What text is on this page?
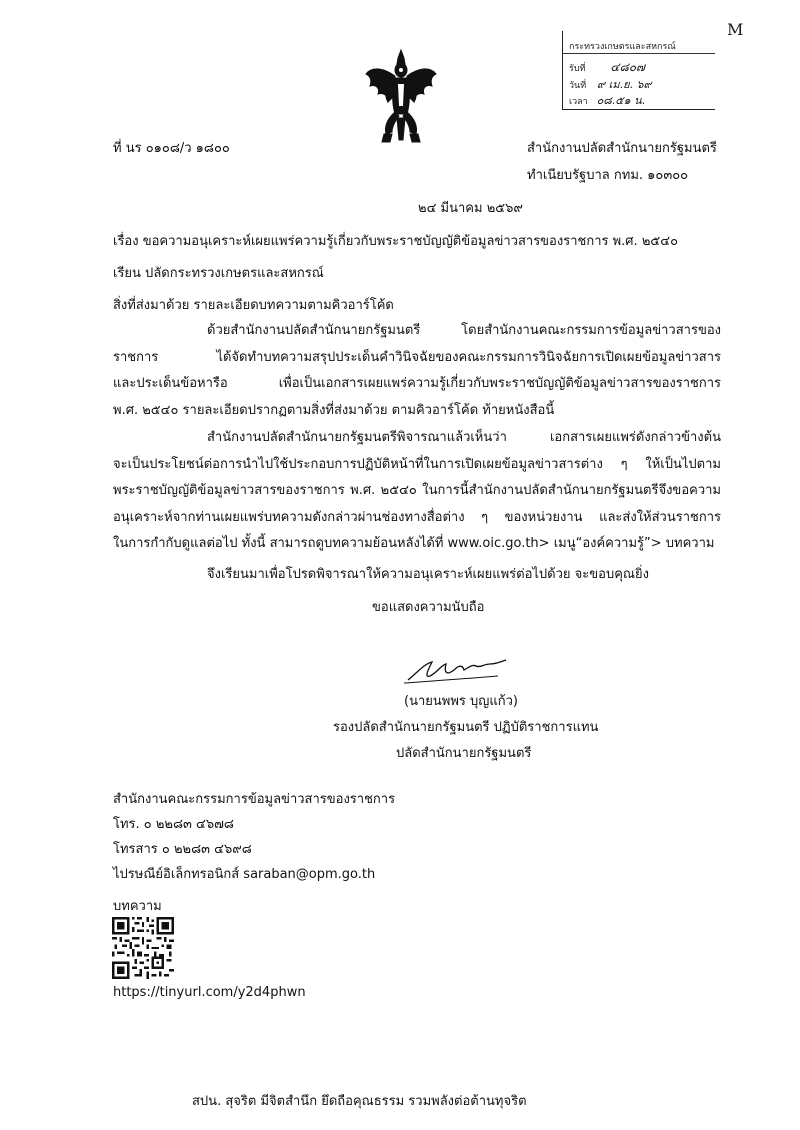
M
กระทรวงเกษตรและสหกรณ์
รับที่ ๔๘๐๗
วันที่ ๙ เม.ย. ๖๙
เวลา ๐๘.๕๑ น.
ที่ นร ๐๑๐๘/ว ๑๘๐๐	สำนักงานปลัดสำนักนายกรัฐมนตรี
ทำเนียบรัฐบาล กทม. ๑๐๓๐๐
๒๔ มีนาคม ๒๕๖๙
เรื่อง ขอความอนุเคราะห์เผยแพร่ความรู้เกี่ยวกับพระราชบัญญัติข้อมูลข่าวสารของราชการ พ.ศ. ๒๕๔๐
เรียน ปลัดกระทรวงเกษตรและสหกรณ์
สิ่งที่ส่งมาด้วย รายละเอียดบทความตามคิวอาร์โค้ด
ด้วยสำนักงานปลัดสำนักนายกรัฐมนตรี โดยสำนักงานคณะกรรมการข้อมูลข่าวสารของ
ราชการ ได้จัดทำบทความสรุปประเด็นคำวินิจฉัยของคณะกรรมการวินิจฉัยการเปิดเผยข้อมูลข่าวสาร
และประเด็นข้อหารือ เพื่อเป็นเอกสารเผยแพร่ความรู้เกี่ยวกับพระราชบัญญัติข้อมูลข่าวสารของราชการ
พ.ศ. ๒๕๔๐ รายละเอียดปรากฏตามสิ่งที่ส่งมาด้วย ตามคิวอาร์โค้ด ท้ายหนังสือนี้
สำนักงานปลัดสำนักนายกรัฐมนตรีพิจารณาแล้วเห็นว่า เอกสารเผยแพร่ดังกล่าวข้างต้น
จะเป็นประโยชน์ต่อการนำไปใช้ประกอบการปฏิบัติหน้าที่ในการเปิดเผยข้อมูลข่าวสารต่าง ๆ ให้เป็นไปตาม
พระราชบัญญัติข้อมูลข่าวสารของราชการ พ.ศ. ๒๕๔๐ ในการนี้สำนักงานปลัดสำนักนายกรัฐมนตรีจึงขอความ
อนุเคราะห์จากท่านเผยแพร่บทความดังกล่าวผ่านช่องทางสื่อต่าง ๆ ของหน่วยงาน และส่งให้ส่วนราชการ
ในการกำกับดูแลต่อไป ทั้งนี้ สามารถดูบทความย้อนหลังได้ที่ www.oic.go.th> เมนู“องค์ความรู้”> บทความ
จึงเรียนมาเพื่อโปรดพิจารณาให้ความอนุเคราะห์เผยแพร่ต่อไปด้วย จะขอบคุณยิ่ง
ขอแสดงความนับถือ
(นายนพพร บุญแก้ว)
รองปลัดสำนักนายกรัฐมนตรี ปฏิบัติราชการแทน
ปลัดสำนักนายกรัฐมนตรี
สำนักงานคณะกรรมการข้อมูลข่าวสารของราชการ
โทร. ๐ ๒๒๘๓ ๔๖๗๘
โทรสาร ๐ ๒๒๘๓ ๔๖๙๘
ไปรษณีย์อิเล็กทรอนิกส์ saraban@opm.go.th
บทความ
https://tinyurl.com/y2d4phwn
สปน. สุจริต มีจิตสำนึก ยึดถือคุณธรรม รวมพลังต่อต้านทุจริต
